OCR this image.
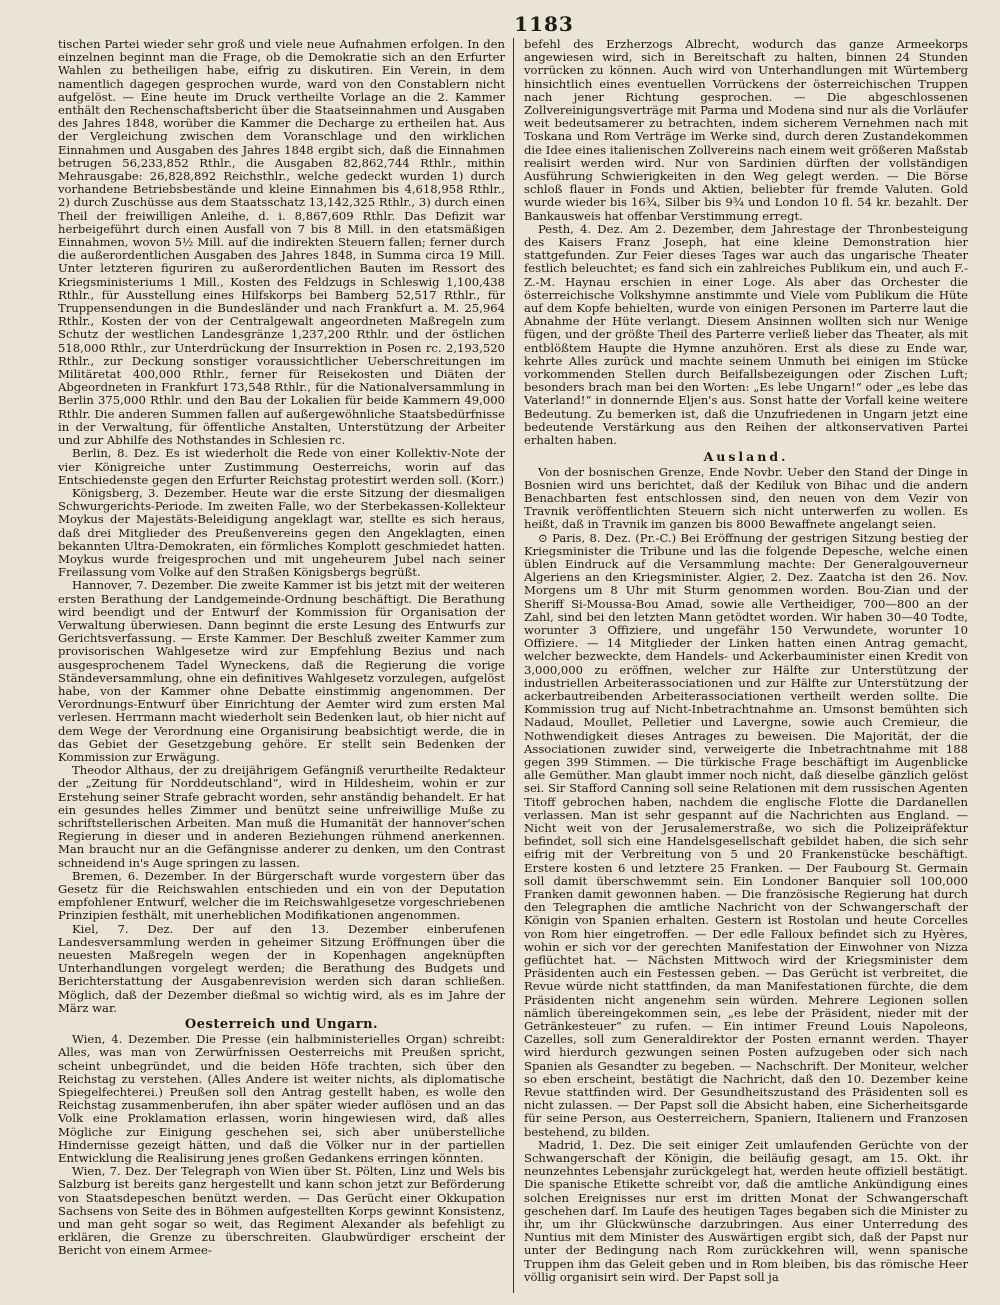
1183

tischen Partei wieder sehr groß und viele neue Aufnahmen erfolgen. In den einzelnen beginnt man die Frage, ob die Demokratie sich an den Erfurter Wahlen zu betheiligen habe, eifrig zu diskutiren. Ein Verein, in dem namentlich dagegen gesprochen wurde, ward von den Constablern nicht aufgelöst. — Eine heute im Druck vertheilte Vorlage an die 2. Kammer enthält den Rechenschaftsbericht über die Staatseinnahmen und Ausgaben des Jahres 1848, worüber die Kammer die Decharge zu ertheilen hat. Aus der Vergleichung zwischen dem Voranschlage und den wirklichen Einnahmen und Ausgaben des Jahres 1848 ergibt sich, daß die Einnahmen betrugen 56,233,852 Rthlr., die Ausgaben 82,862,744 Rthlr., mithin Mehrausgabe: 26,828,892 Reichsthlr., welche gedeckt wurden 1) durch vorhandene Betriebsbestände und kleine Einnahmen bis 4,618,958 Rthlr., 2) durch Zuschüsse aus dem Staatsschatz 13,142,325 Rthlr., 3) durch einen Theil der freiwilligen Anleihe, d. i. 8,867,609 Rthlr. Das Defizit war herbeigeführt durch einen Ausfall von 7 bis 8 Mill. in den etatsmäßigen Einnahmen, wovon 5½ Mill. auf die indirekten Steuern fallen; ferner durch die außerordentlichen Ausgaben des Jahres 1848, in Summa circa 19 Mill. Unter letzteren figuriren zu außerordentlichen Bauten im Ressort des Kriegsministeriums 1 Mill., Kosten des Feldzugs in Schleswig 1,100,438 Rthlr., für Ausstellung eines Hilfskorps bei Bamberg 52,517 Rthlr., für Truppensendungen in die Bundesländer und nach Frankfurt a. M. 25,964 Rthlr., Kosten der von der Centralgewalt angeordneten Maßregeln zum Schutz der westlichen Landesgränze 1,237,200 Rthlr. und der östlichen 518,000 Rthlr., zur Unterdrückung der Insurrektion in Posen rc. 2,193,520 Rthlr., zur Deckung sonstiger voraussichtlicher Ueberschreitungen im Militäretat 400,000 Rthlr., ferner für Reisekosten und Diäten der Abgeordneten in Frankfurt 173,548 Rthlr., für die Nationalversammlung in Berlin 375,000 Rthlr. und den Bau der Lokalien für beide Kammern 49,000 Rthlr. Die anderen Summen fallen auf außergewöhnliche Staatsbedürfnisse in der Verwaltung, für öffentliche Anstalten, Unterstützung der Arbeiter und zur Abhilfe des Nothstandes in Schlesien rc.

Berlin, 8. Dez. Es ist wiederholt die Rede von einer Kollektiv-Note der vier Königreiche unter Zustimmung Oesterreichs, worin auf das Entschiedenste gegen den Erfurter Reichstag protestirt werden soll. (Korr.)

Königsberg, 3. Dezember. Heute war die erste Sitzung der diesmaligen Schwurgerichts-Periode. Im zweiten Falle, wo der Sterbekassen-Kollekteur Moykus der Majestäts-Beleidigung angeklagt war, stellte es sich heraus, daß drei Mitglieder des Preußenvereins gegen den Angeklagten, einen bekannten Ultra-Demokraten, ein förmliches Komplott geschmiedet hatten. Moykus wurde freigesprochen und mit ungeheurem Jubel nach seiner Freilassung vom Volke auf den Straßen Königsbergs begrüßt.

Hannover, 7. Dezember. Die zweite Kammer ist bis jetzt mit der weiteren ersten Berathung der Landgemeinde-Ordnung beschäftigt. Die Berathung wird beendigt und der Entwurf der Kommission für Organisation der Verwaltung überwiesen. Dann beginnt die erste Lesung des Entwurfs zur Gerichtsverfassung. — Erste Kammer. Der Beschluß zweiter Kammer zum provisorischen Wahlgesetze wird zur Empfehlung Bezius und nach ausgesprochenem Tadel Wyneckens, daß die Regierung die vorige Ständeversammlung, ohne ein definitives Wahlgesetz vorzulegen, aufgelöst habe, von der Kammer ohne Debatte einstimmig angenommen. Der Verordnungs-Entwurf über Einrichtung der Aemter wird zum ersten Mal verlesen. Herrmann macht wiederholt sein Bedenken laut, ob hier nicht auf dem Wege der Verordnung eine Organisirung beabsichtigt werde, die in das Gebiet der Gesetzgebung gehöre. Er stellt sein Bedenken der Kommission zur Erwägung.

Theodor Althaus, der zu dreijährigem Gefängniß verurtheilte Redakteur der „Zeitung für Norddeutschland“, wird in Hildesheim, wohin er zur Erstehung seiner Strafe gebracht worden, sehr anständig behandelt. Er hat ein gesundes helles Zimmer und benützt seine unfreiwillige Muße zu schriftstellerischen Arbeiten. Man muß die Humanität der hannover'schen Regierung in dieser und in anderen Beziehungen rühmend anerkennen. Man braucht nur an die Gefängnisse anderer zu denken, um den Contrast schneidend in's Auge springen zu lassen.

Bremen, 6. Dezember. In der Bürgerschaft wurde vorgestern über das Gesetz für die Reichswahlen entschieden und ein von der Deputation empfohlener Entwurf, welcher die im Reichswahlgesetze vorgeschriebenen Prinzipien festhält, mit unerheblichen Modifikationen angenommen.

Kiel, 7. Dez. Der auf den 13. Dezember einberufenen Landesversammlung werden in geheimer Sitzung Eröffnungen über die neuesten Maßregeln wegen der in Kopenhagen angeknüpften Unterhandlungen vorgelegt werden; die Berathung des Budgets und Berichterstattung der Ausgabenrevision werden sich daran schließen. Möglich, daß der Dezember dießmal so wichtig wird, als es im Jahre der März war.

Oesterreich und Ungarn.

Wien, 4. Dezember. Die Presse (ein halbministerielles Organ) schreibt: Alles, was man von Zerwürfnissen Oesterreichs mit Preußen spricht, scheint unbegründet, und die beiden Höfe trachten, sich über den Reichstag zu verstehen. (Alles Andere ist weiter nichts, als diplomatische Spiegelfechterei.) Preußen soll den Antrag gestellt haben, es wolle den Reichstag zusammenberufen, ihn aber später wieder auflösen und an das Volk eine Proklamation erlassen, worin hingewiesen wird, daß alles Mögliche zur Einigung geschehen sei, sich aber unüberstelliche Hindernisse gezeigt hätten, und daß die Völker nur in der partiellen Entwicklung die Realisirung jenes großen Gedankens erringen könnten.

Wien, 7. Dez. Der Telegraph von Wien über St. Pölten, Linz und Wels bis Salzburg ist bereits ganz hergestellt und kann schon jetzt zur Beförderung von Staatsdepeschen benützt werden. — Das Gerücht einer Okkupation Sachsens von Seite des in Böhmen aufgestellten Korps gewinnt Konsistenz, und man geht sogar so weit, das Regiment Alexander als befehligt zu erklären, die Grenze zu überschreiten. Glaubwürdiger erscheint der Bericht von einem Armee-

befehl des Erzherzogs Albrecht, wodurch das ganze Armeekorps angewiesen wird, sich in Bereitschaft zu halten, binnen 24 Stunden vorrücken zu können. Auch wird von Unterhandlungen mit Würtemberg hinsichtlich eines eventuellen Vorrückens der österreichischen Truppen nach jener Richtung gesprochen. — Die abgeschlossenen Zollvereinigungsverträge mit Parma und Modena sind nur als die Vorläufer weit bedeutsamerer zu betrachten, indem sicherem Vernehmen nach mit Toskana und Rom Verträge im Werke sind, durch deren Zustandekommen die Idee eines italienischen Zollvereins nach einem weit größeren Maßstab realisirt werden wird. Nur von Sardinien dürften der vollständigen Ausführung Schwierigkeiten in den Weg gelegt werden. — Die Börse schloß flauer in Fonds und Aktien, beliebter für fremde Valuten. Gold wurde wieder bis 16¾, Silber bis 9¾ und London 10 fl. 54 kr. bezahlt. Der Bankausweis hat offenbar Verstimmung erregt.

Pesth, 4. Dez. Am 2. Dezember, dem Jahrestage der Thronbesteigung des Kaisers Franz Joseph, hat eine kleine Demonstration hier stattgefunden. Zur Feier dieses Tages war auch das ungarische Theater festlich beleuchtet; es fand sich ein zahlreiches Publikum ein, und auch F.-Z.-M. Haynau erschien in einer Loge. Als aber das Orchester die österreichische Volkshymne anstimmte und Viele vom Publikum die Hüte auf dem Kopfe behielten, wurde von einigen Personen im Parterre laut die Abnahme der Hüte verlangt. Diesem Ansinnen wollten sich nur Wenige fügen, und der größte Theil des Parterre verließ lieber das Theater, als mit entblößtem Haupte die Hymne anzuhören. Erst als diese zu Ende war, kehrte Alles zurück und machte seinem Unmuth bei einigen im Stücke vorkommenden Stellen durch Beifallsbezeigungen oder Zischen Luft; besonders brach man bei den Worten: „Es lebe Ungarn!“ oder „es lebe das Vaterland!“ in donnernde Eljen's aus. Sonst hatte der Vorfall keine weitere Bedeutung. Zu bemerken ist, daß die Unzufriedenen in Ungarn jetzt eine bedeutende Verstärkung aus den Reihen der altkonservativen Partei erhalten haben.

Ausland.

Von der bosnischen Grenze, Ende Novbr. Ueber den Stand der Dinge in Bosnien wird uns berichtet, daß der Kediluk von Bihac und die andern Benachbarten fest entschlossen sind, den neuen von dem Vezir von Travnik veröffentlichten Steuern sich nicht unterwerfen zu wollen. Es heißt, daß in Travnik im ganzen bis 8000 Bewaffnete angelangt seien.

⊙ Paris, 8. Dez. (Pr.-C.) Bei Eröffnung der gestrigen Sitzung bestieg der Kriegsminister die Tribune und las die folgende Depesche, welche einen üblen Eindruck auf die Versammlung machte: Der Generalgouverneur Algeriens an den Kriegsminister. Algier, 2. Dez. Zaatcha ist den 26. Nov. Morgens um 8 Uhr mit Sturm genommen worden. Bou-Zian und der Sheriff Si-Moussa-Bou Amad, sowie alle Vertheidiger, 700—800 an der Zahl, sind bei den letzten Mann getödtet worden. Wir haben 30—40 Todte, worunter 3 Offiziere, und ungefähr 150 Verwundete, worunter 10 Offiziere. — 14 Mitglieder der Linken hatten einen Antrag gemacht, welcher bezweckte, dem Handels- und Ackerbauminister einen Kredit von 3,000,000 zu eröffnen, welcher zur Hälfte zur Unterstützung der industriellen Arbeiterassociationen und zur Hälfte zur Unterstützung der ackerbautreibenden Arbeiterassociationen vertheilt werden sollte. Die Kommission trug auf Nicht-Inbetrachtnahme an. Umsonst bemühten sich Nadaud, Moullet, Pelletier und Lavergne, sowie auch Cremieur, die Nothwendigkeit dieses Antrages zu beweisen. Die Majorität, der die Associationen zuwider sind, verweigerte die Inbetrachtnahme mit 188 gegen 399 Stimmen. — Die türkische Frage beschäftigt im Augenblicke alle Gemüther. Man glaubt immer noch nicht, daß dieselbe gänzlich gelöst sei. Sir Stafford Canning soll seine Relationen mit dem russischen Agenten Titoff gebrochen haben, nachdem die englische Flotte die Dardanellen verlassen. Man ist sehr gespannt auf die Nachrichten aus England. — Nicht weit von der Jerusalemerstraße, wo sich die Polizeipräfektur befindet, soll sich eine Handelsgesellschaft gebildet haben, die sich sehr eifrig mit der Verbreitung von 5 und 20 Frankenstücke beschäftigt. Erstere kosten 6 und letztere 25 Franken. — Der Faubourg St. Germain soll damit überschwemmt sein. Ein Londoner Banquier soll 100,000 Franken damit gewonnen haben. — Die französische Regierung hat durch den Telegraphen die amtliche Nachricht von der Schwangerschaft der Königin von Spanien erhalten. Gestern ist Rostolan und heute Corcelles von Rom hier eingetroffen. — Der edle Falloux befindet sich zu Hyères, wohin er sich vor der gerechten Manifestation der Einwohner von Nizza geflüchtet hat. — Nächsten Mittwoch wird der Kriegsminister dem Präsidenten auch ein Festessen geben. — Das Gerücht ist verbreitet, die Revue würde nicht stattfinden, da man Manifestationen fürchte, die dem Präsidenten nicht angenehm sein würden. Mehrere Legionen sollen nämlich übereingekommen sein, „es lebe der Präsident, nieder mit der Getränkesteuer“ zu rufen. — Ein intimer Freund Louis Napoleons, Cazelles, soll zum Generaldirektor der Posten ernannt werden. Thayer wird hierdurch gezwungen seinen Posten aufzugeben oder sich nach Spanien als Gesandter zu begeben. — Nachschrift. Der Moniteur, welcher so eben erscheint, bestätigt die Nachricht, daß den 10. Dezember keine Revue stattfinden wird. Der Gesundheitszustand des Präsidenten soll es nicht zulassen. — Der Papst soll die Absicht haben, eine Sicherheitsgarde für seine Person, aus Oesterreichern, Spaniern, Italienern und Franzosen bestehend, zu bilden.

Madrid, 1. Dez. Die seit einiger Zeit umlaufenden Gerüchte von der Schwangerschaft der Königin, die beiläufig gesagt, am 15. Okt. ihr neunzehntes Lebensjahr zurückgelegt hat, werden heute offiziell bestätigt. Die spanische Etikette schreibt vor, daß die amtliche Ankündigung eines solchen Ereignisses nur erst im dritten Monat der Schwangerschaft geschehen darf. Im Laufe des heutigen Tages begaben sich die Minister zu ihr, um ihr Glückwünsche darzubringen. Aus einer Unterredung des Nuntius mit dem Minister des Auswärtigen ergibt sich, daß der Papst nur unter der Bedingung nach Rom zurückkehren will, wenn spanische Truppen ihm das Geleit geben und in Rom bleiben, bis das römische Heer völlig organisirt sein wird. Der Papst soll ja
